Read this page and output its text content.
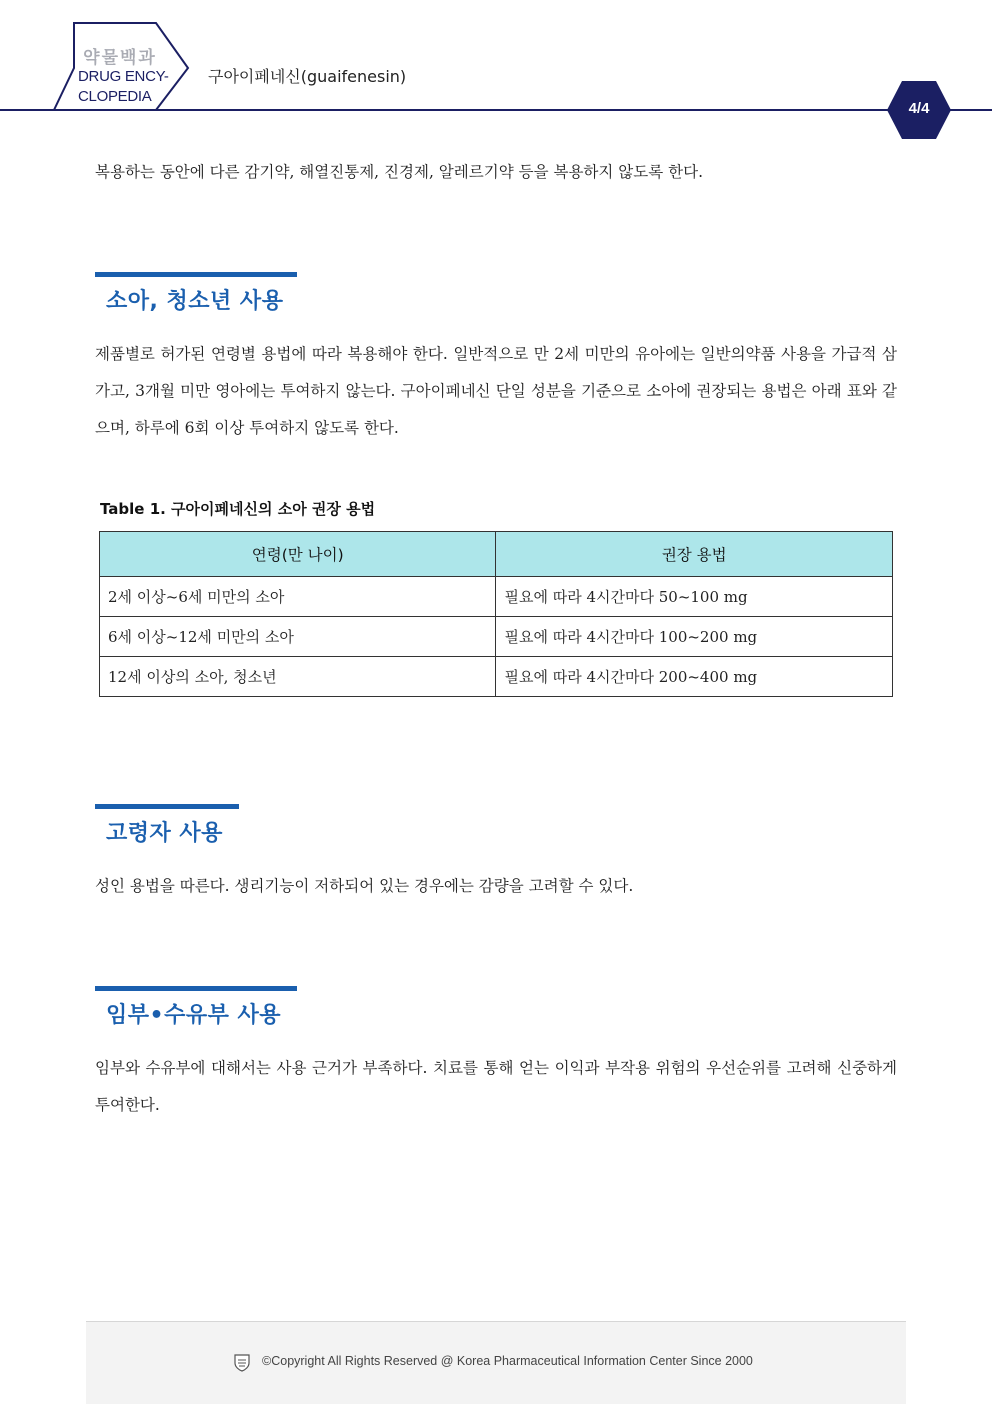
약물백과
DRUG ENCY-
CLOPEDIA
구아이페네신(guaifenesin)
4/4
복용하는 동안에 다른 감기약, 해열진통제, 진경제, 알레르기약 등을 복용하지 않도록 한다.
소아, 청소년 사용
제품별로 허가된 연령별 용법에 따라 복용해야 한다. 일반적으로 만 2세 미만의 유아에는 일반의약품 사용을 가급적 삼가고, 3개월 미만 영아에는 투여하지 않는다. 구아이페네신 단일 성분을 기준으로 소아에 권장되는 용법은 아래 표와 같으며, 하루에 6회 이상 투여하지 않도록 한다.
Table 1. 구아이페네신의 소아 권장 용법
연령(만 나이)	권장 용법
2세 이상~6세 미만의 소아	필요에 따라 4시간마다 50~100 mg
6세 이상~12세 미만의 소아	필요에 따라 4시간마다 100~200 mg
12세 이상의 소아, 청소년	필요에 따라 4시간마다 200~400 mg
고령자 사용
성인 용법을 따른다. 생리기능이 저하되어 있는 경우에는 감량을 고려할 수 있다.
임부•수유부 사용
임부와 수유부에 대해서는 사용 근거가 부족하다. 치료를 통해 얻는 이익과 부작용 위험의 우선순위를 고려해 신중하게 투여한다.
©Copyright All Rights Reserved @ Korea Pharmaceutical Information Center Since 2000
